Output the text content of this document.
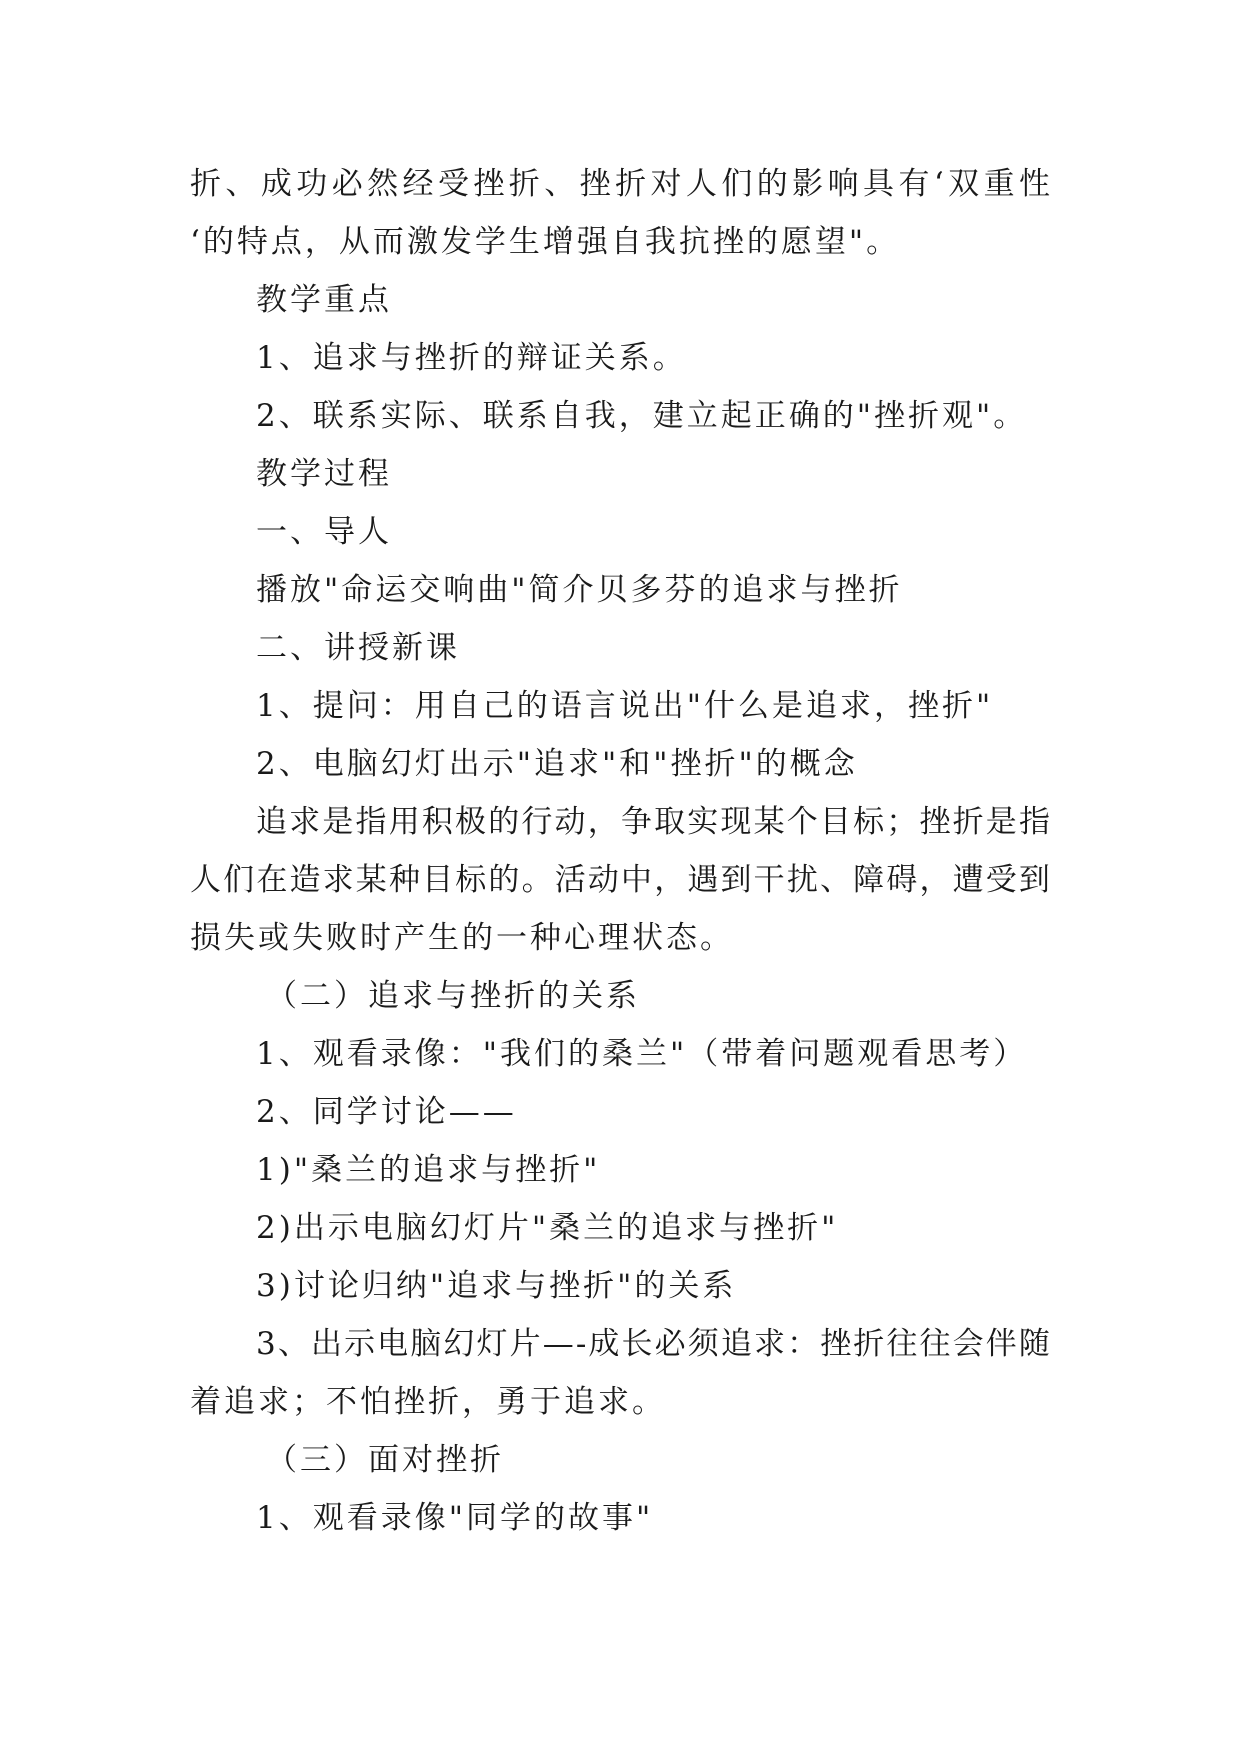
折 、 成 功 必 然 经 受 挫 折 、 挫 折 对 人 们 的 影 响 具 有 ‘ 双 重 性
‘的特点，从而激发学生增强自我抗挫的愿望"。
教学重点
1、追求与挫折的辩证关系。
2、联系实际、联系自我，建立起正确的"挫折观"。
教学过程
一、导人
播放"命运交响曲"简介贝多芬的追求与挫折
二、讲授新课
1、提问：用自己的语言说出"什么是追求，挫折"
2、电脑幻灯出示"追求"和"挫折"的概念
追 求 是 指 用 积 极 的 行 动 ， 争 取 实 现 某 个 目 标 ； 挫 折 是 指
人 们 在 造 求 某 种 目 标 的 。 活 动 中 ， 遇 到 干 扰 、 障 碍 ， 遭 受 到
损失或失败时产生的一种心理状态。
（二）追求与挫折的关系
1、观看录像："我们的桑兰"（带着问题观看思考）
2、同学讨论——
1)"桑兰的追求与挫折"
2)出示电脑幻灯片"桑兰的追求与挫折"
3)讨论归纳"追求与挫折"的关系
3 、 出 示 电 脑 幻 灯 片 — - 成 长 必 须 追 求 ： 挫 折 往 往 会 伴 随
着追求；不怕挫折，勇于追求。
（三）面对挫折
1、观看录像"同学的故事"
